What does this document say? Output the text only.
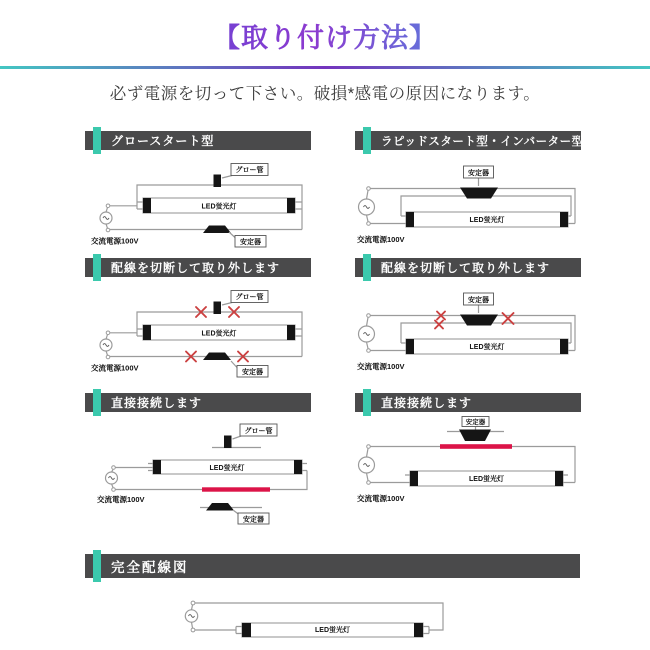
【取り付け方法】

必ず電源を切って下さい。破損*感電の原因になります。

グロースタート型
LED蛍光灯
グロー管
安定器
交流電源100V
ラピッドスタート型・インバーター型
安定器
LED蛍光灯
交流電源100V
配線を切断して取り外します
LED蛍光灯
グロー管
安定器
交流電源100V
配線を切断して取り外します
安定器
LED蛍光灯
交流電源100V
直接接続します
LED蛍光灯
グロー管
安定器
交流電源100V
直接接続します
安定器
LED蛍光灯
交流電源100V
完全配線図
LED蛍光灯
